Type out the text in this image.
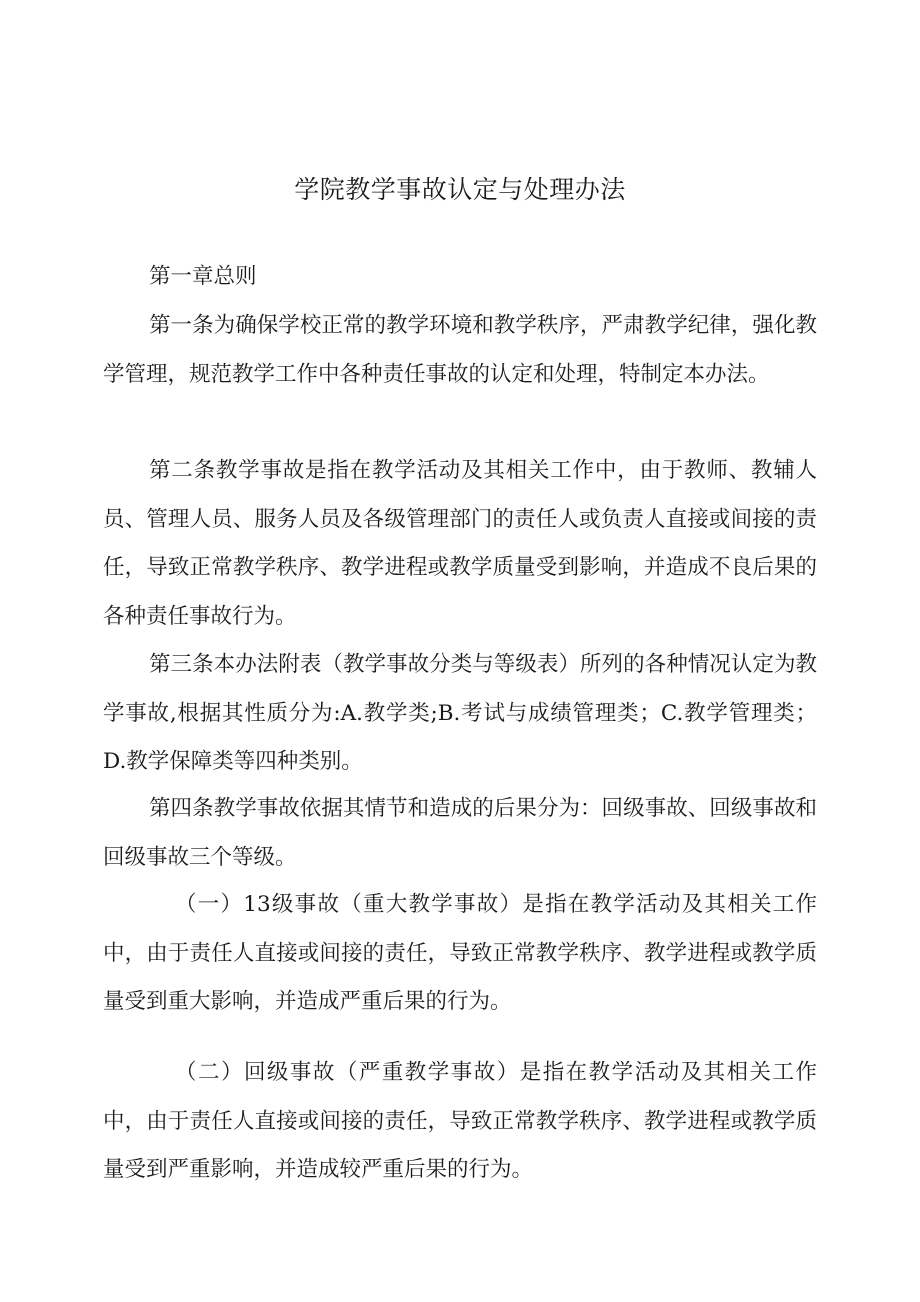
学院教学事故认定与处理办法

第一章总则

第一条为确保学校正常的教学环境和教学秩序，严肃教学纪律，强化教学管理，规范教学工作中各种责任事故的认定和处理，特制定本办法。

第二条教学事故是指在教学活动及其相关工作中，由于教师、教辅人员、管理人员、服务人员及各级管理部门的责任人或负责人直接或间接的责任，导致正常教学秩序、教学进程或教学质量受到影响，并造成不良后果的各种责任事故行为。

第三条本办法附表（教学事故分类与等级表）所列的各种情况认定为教学事故,根据其性质分为:A.教学类;B.考试与成绩管理类；C.教学管理类；D.教学保障类等四种类别。

第四条教学事故依据其情节和造成的后果分为：回级事故、回级事故和回级事故三个等级。

（一）13级事故（重大教学事故）是指在教学活动及其相关工作中，由于责任人直接或间接的责任，导致正常教学秩序、教学进程或教学质量受到重大影响，并造成严重后果的行为。

（二）回级事故（严重教学事故）是指在教学活动及其相关工作中，由于责任人直接或间接的责任，导致正常教学秩序、教学进程或教学质量受到严重影响，并造成较严重后果的行为。
